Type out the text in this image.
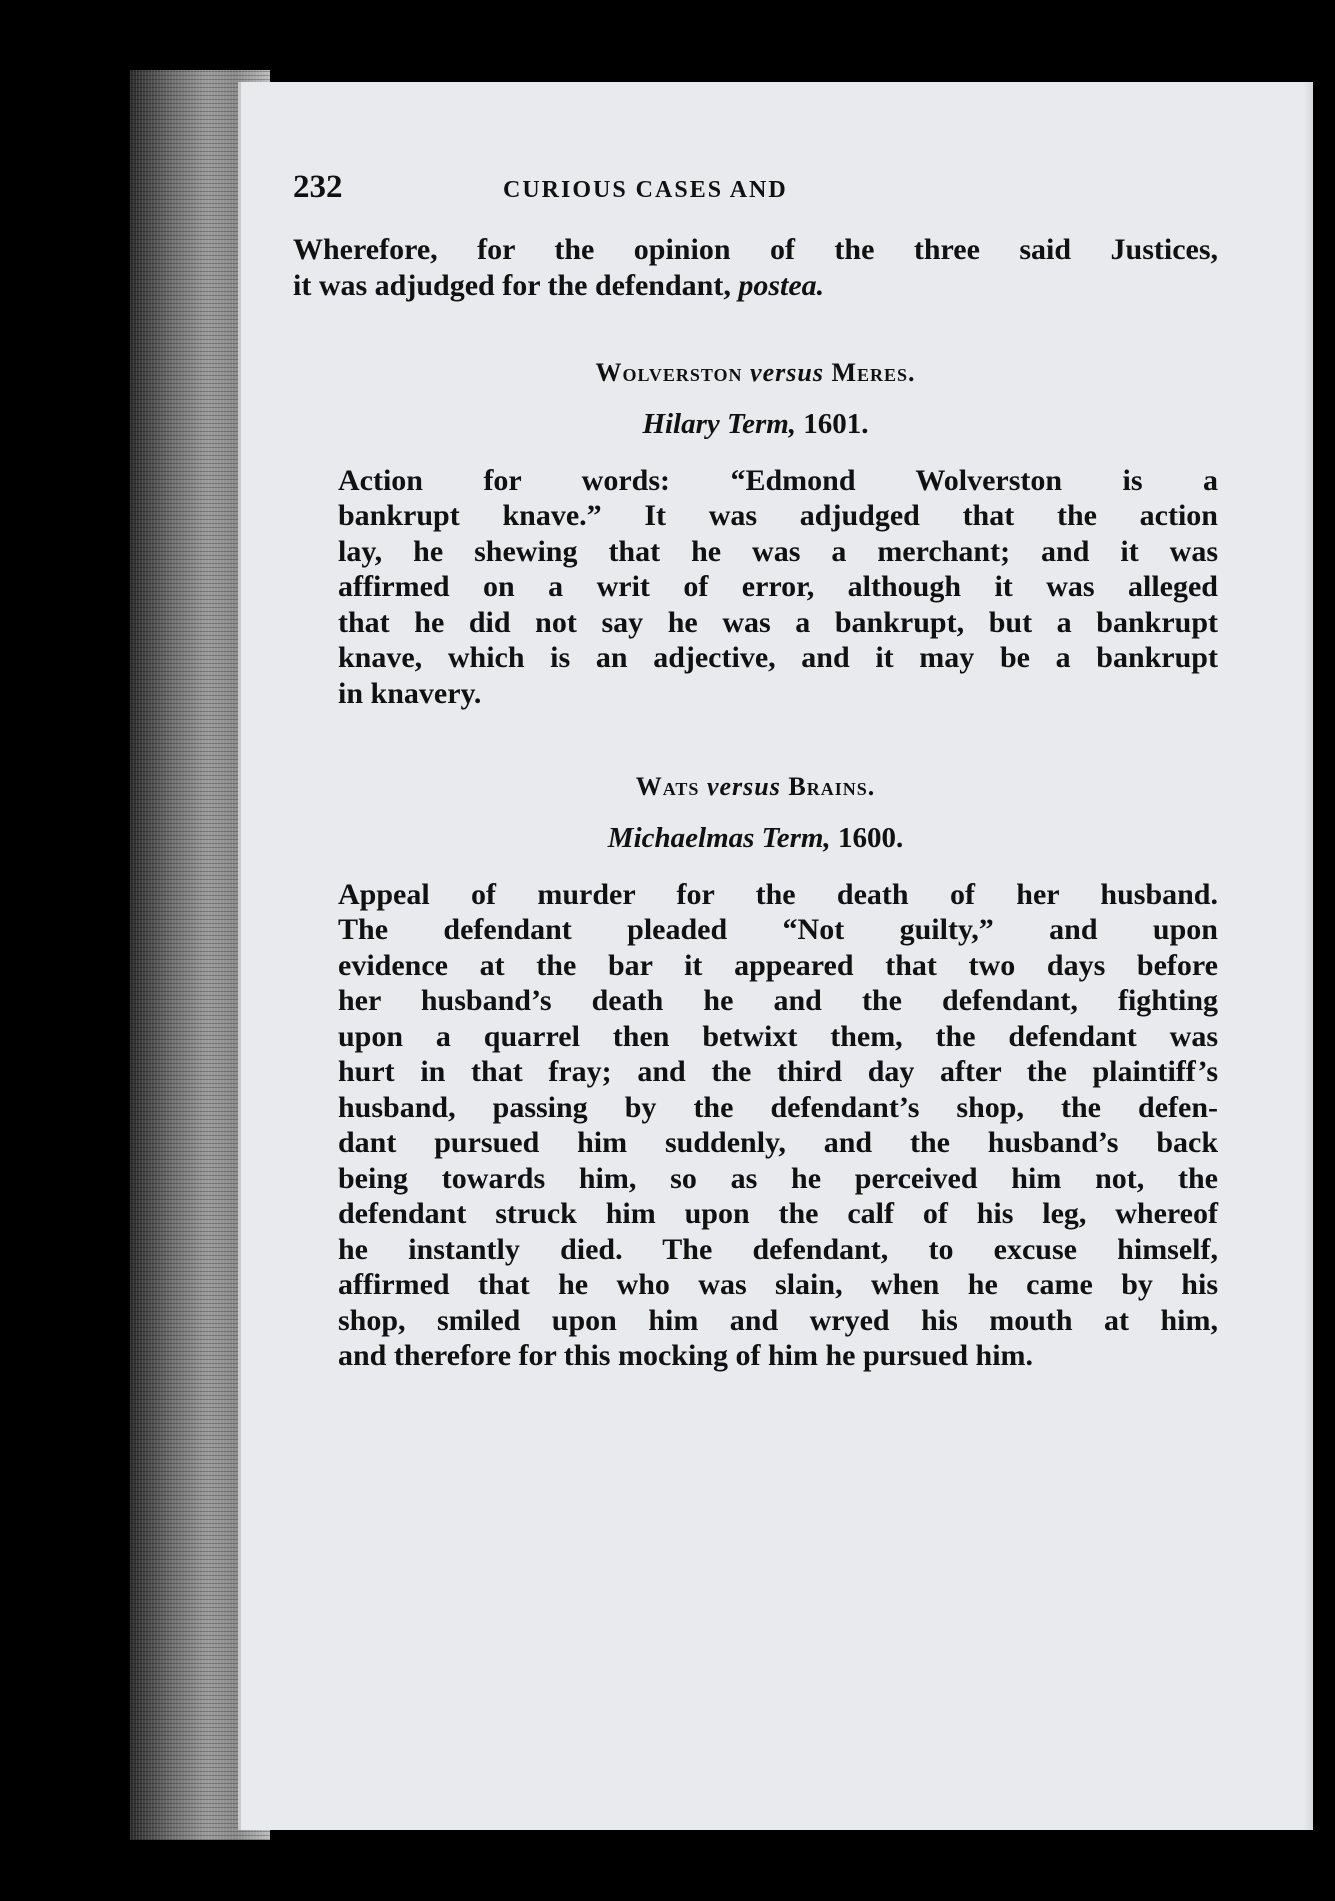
232	CURIOUS CASES AND

Wherefore, for the opinion of the three said Justices,
it was adjudged for the defendant, postea.

Wolverston versus Meres.
Hilary Term, 1601.

Action for words: “Edmond Wolverston is a
bankrupt knave.” It was adjudged that the action
lay, he shewing that he was a merchant; and it was
affirmed on a writ of error, although it was alleged
that he did not say he was a bankrupt, but a bankrupt
knave, which is an adjective, and it may be a bankrupt
in knavery.

Wats versus Brains.
Michaelmas Term, 1600.

Appeal of murder for the death of her husband.
The defendant pleaded “Not guilty,” and upon
evidence at the bar it appeared that two days before
her husband’s death he and the defendant, fighting
upon a quarrel then betwixt them, the defendant was
hurt in that fray; and the third day after the plaintiff’s
husband, passing by the defendant’s shop, the defen-
dant pursued him suddenly, and the husband’s back
being towards him, so as he perceived him not, the
defendant struck him upon the calf of his leg, whereof
he instantly died. The defendant, to excuse himself,
affirmed that he who was slain, when he came by his
shop, smiled upon him and wryed his mouth at him,
and therefore for this mocking of him he pursued him.
